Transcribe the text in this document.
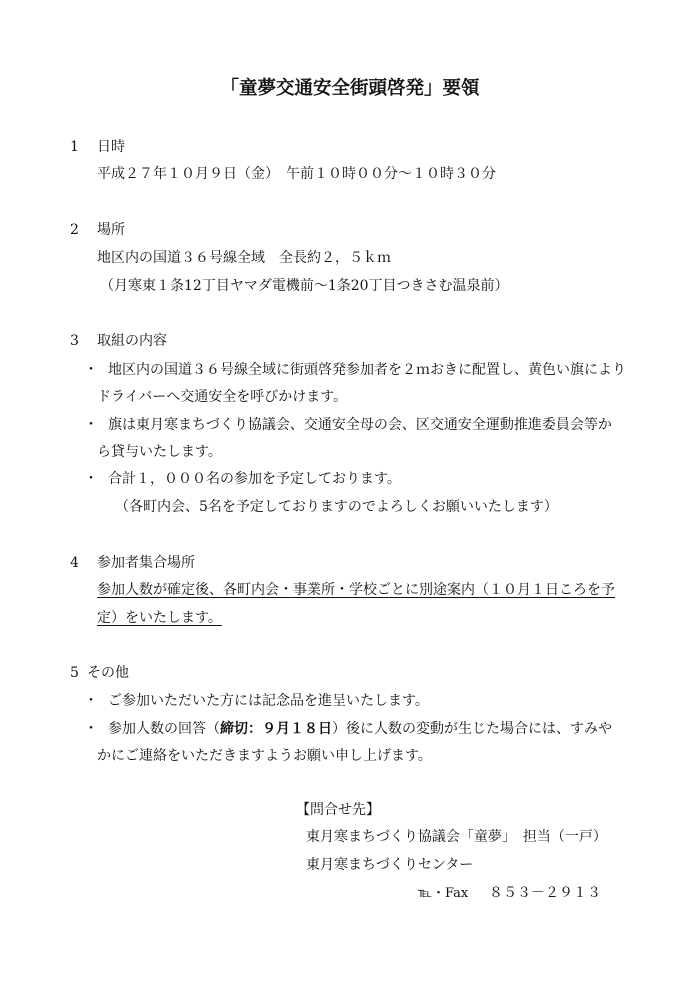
「童夢交通安全街頭啓発」要領
1 日時
平成２７年１０月９日（金）　午前１０時００分～１０時３０分
2 場所
地区内の国道３６号線全域　全長約２，５ｋｍ
（月寒東１条12丁目ヤマダ電機前～1条20丁目つきさむ温泉前）
3 取組の内容
・ 地区内の国道３６号線全域に街頭啓発参加者を２ｍおきに配置し、黄色い旗により
ドライバーへ交通安全を呼びかけます。
・ 旗は東月寒まちづくり協議会、交通安全母の会、区交通安全運動推進委員会等か
ら貸与いたします。
・ 合計１，０００名の参加を予定しております。
（各町内会、5名を予定しておりますのでよろしくお願いいたします）
4 参加者集合場所
参加人数が確定後、各町内会・事業所・学校ごとに別途案内（１０月１日ころを予
定）をいたします。
5 その他
・ ご参加いただいた方には記念品を進呈いたします。
・ 参加人数の回答（締切：９月１８日）後に人数の変動が生じた場合には、すみや
かにご連絡をいただきますようお願い申し上げます。
【問合せ先】
東月寒まちづくり協議会「童夢」　担当（一戸）
東月寒まちづくりセンター
℡・Fax ８５３－２９１３
